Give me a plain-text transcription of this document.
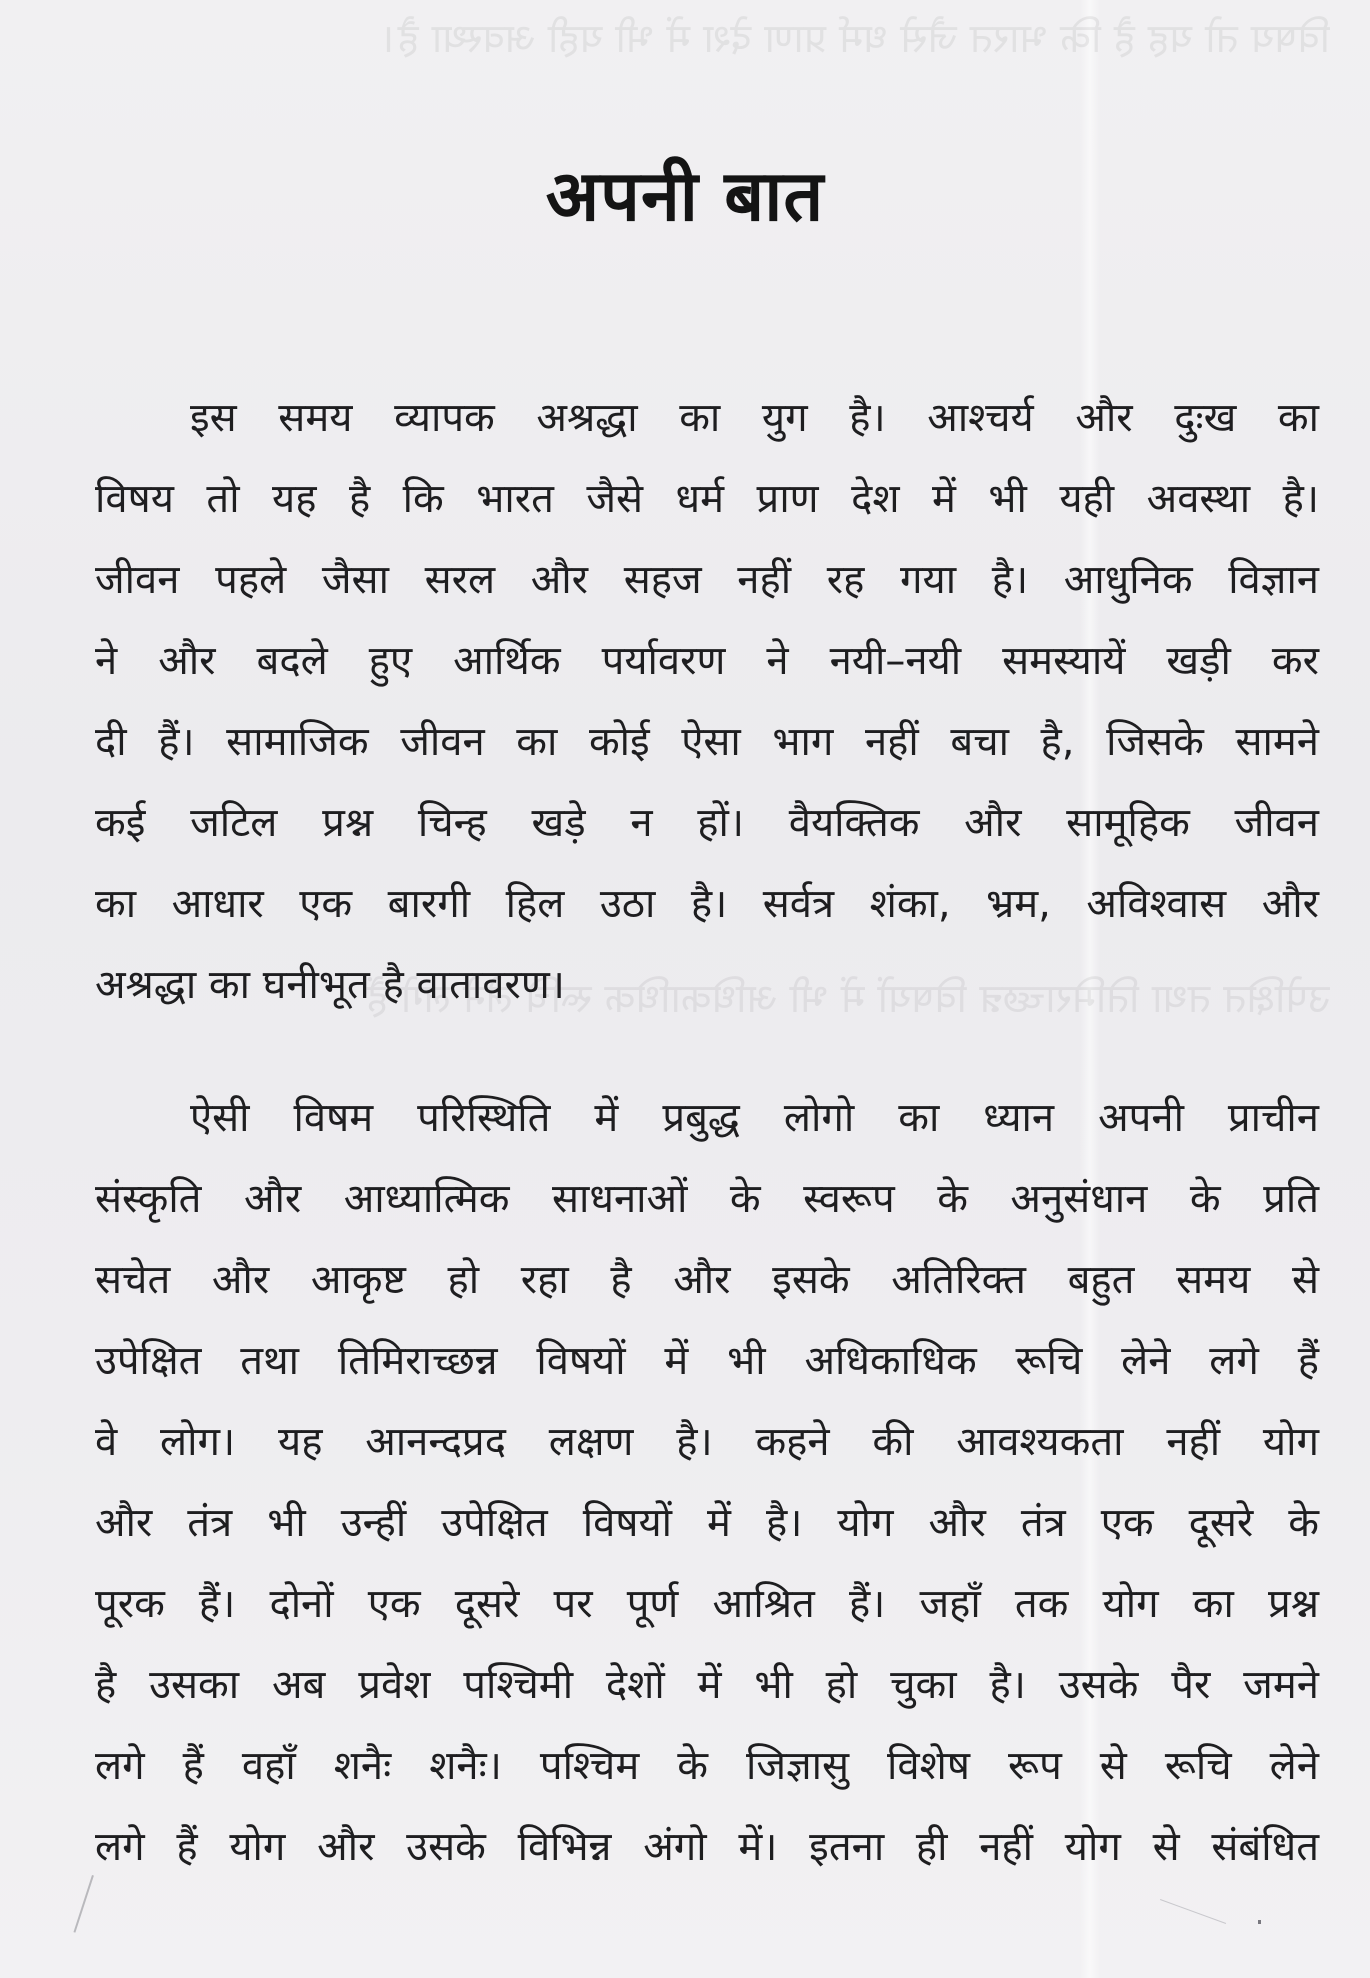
विषय तो यह है कि भारत जैसे धर्म प्राण देश में भी यही अवस्था है।
उपेक्षित तथा तिमिराच्छन्न विषयों में भी अधिकाधिक रूचि लेने लगे हैं
अपनी बात
इस समय व्यापक अश्रद्धा का युग है। आश्चर्य और दुःख का
विषय तो यह है कि भारत जैसे धर्म प्राण देश में भी यही अवस्था है।
जीवन पहले जैसा सरल और सहज नहीं रह गया है। आधुनिक विज्ञान
ने और बदले हुए आर्थिक पर्यावरण ने नयी–नयी समस्यायें खड़ी कर
दी हैं। सामाजिक जीवन का कोई ऐसा भाग नहीं बचा है, जिसके सामने
कई जटिल प्रश्न चिन्ह खड़े न हों। वैयक्तिक और सामूहिक जीवन
का आधार एक बारगी हिल उठा है। सर्वत्र शंका, भ्रम, अविश्वास और
अश्रद्धा का घनीभूत है वातावरण।
ऐसी विषम परिस्थिति में प्रबुद्ध लोगो का ध्यान अपनी प्राचीन
संस्कृति और आध्यात्मिक साधनाओं के स्वरूप के अनुसंधान के प्रति
सचेत और आकृष्ट हो रहा है और इसके अतिरिक्त बहुत समय से
उपेक्षित तथा तिमिराच्छन्न विषयों में भी अधिकाधिक रूचि लेने लगे हैं
वे लोग। यह आनन्दप्रद लक्षण है। कहने की आवश्यकता नहीं योग
और तंत्र भी उन्हीं उपेक्षित विषयों में है। योग और तंत्र एक दूसरे के
पूरक हैं। दोनों एक दूसरे पर पूर्ण आश्रित हैं। जहाँ तक योग का प्रश्न
है उसका अब प्रवेश पश्चिमी देशों में भी हो चुका है। उसके पैर जमने
लगे हैं वहाँ शनैः शनैः। पश्चिम के जिज्ञासु विशेष रूप से रूचि लेने
लगे हैं योग और उसके विभिन्न अंगो में। इतना ही नहीं योग से संबंधित
